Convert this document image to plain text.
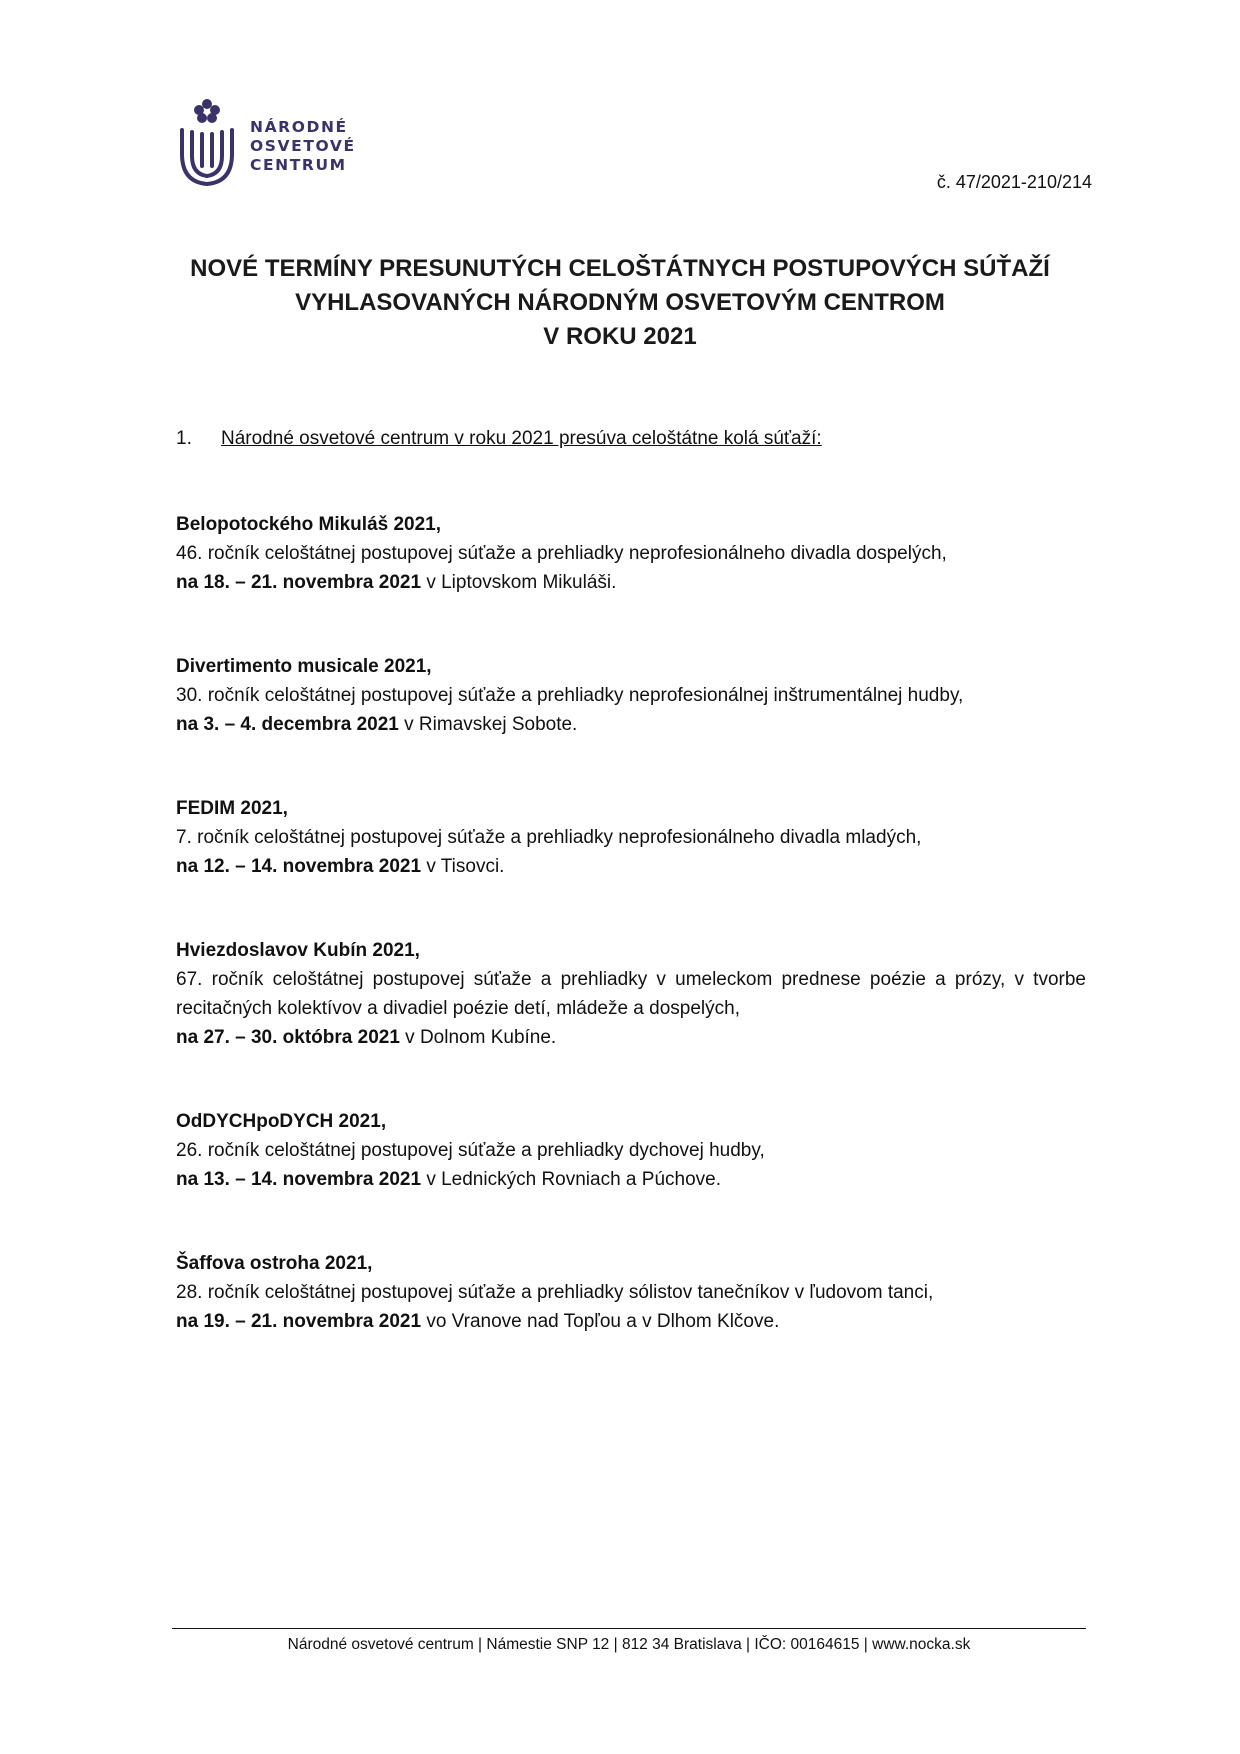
NÁRODNÉ
OSVETOVÉ
CENTRUM
č. 47/2021-210/214
NOVÉ TERMÍNY PRESUNUTÝCH CELOŠTÁTNYCH POSTUPOVÝCH SÚŤAŽÍ
VYHLASOVANÝCH NÁRODNÝM OSVETOVÝM CENTROM
V ROKU 2021
1. Národné osvetové centrum v roku 2021 presúva celoštátne kolá súťaží:
Belopotockého Mikuláš 2021,
46. ročník celoštátnej postupovej súťaže a prehliadky neprofesionálneho divadla dospelých,
na 18. – 21. novembra 2021 v Liptovskom Mikuláši.
Divertimento musicale 2021,
30. ročník celoštátnej postupovej súťaže a prehliadky neprofesionálnej inštrumentálnej hudby,
na 3. – 4. decembra 2021 v Rimavskej Sobote.
FEDIM 2021,
7. ročník celoštátnej postupovej súťaže a prehliadky neprofesionálneho divadla mladých,
na 12. – 14. novembra 2021 v Tisovci.
Hviezdoslavov Kubín 2021,
67. ročník celoštátnej postupovej súťaže a prehliadky v umeleckom prednese poézie a prózy, v tvorbe recitačných kolektívov a divadiel poézie detí, mládeže a dospelých,
na 27. – 30. októbra 2021 v Dolnom Kubíne.
OdDYCHpoDYCH 2021,
26. ročník celoštátnej postupovej súťaže a prehliadky dychovej hudby,
na 13. – 14. novembra 2021 v Lednických Rovniach a Púchove.
Šaffova ostroha 2021,
28. ročník celoštátnej postupovej súťaže a prehliadky sólistov tanečníkov v ľudovom tanci,
na 19. – 21. novembra 2021 vo Vranove nad Topľou a v Dlhom Klčove.
Národné osvetové centrum | Námestie SNP 12 | 812 34 Bratislava | IČO: 00164615 | www.nocka.sk
